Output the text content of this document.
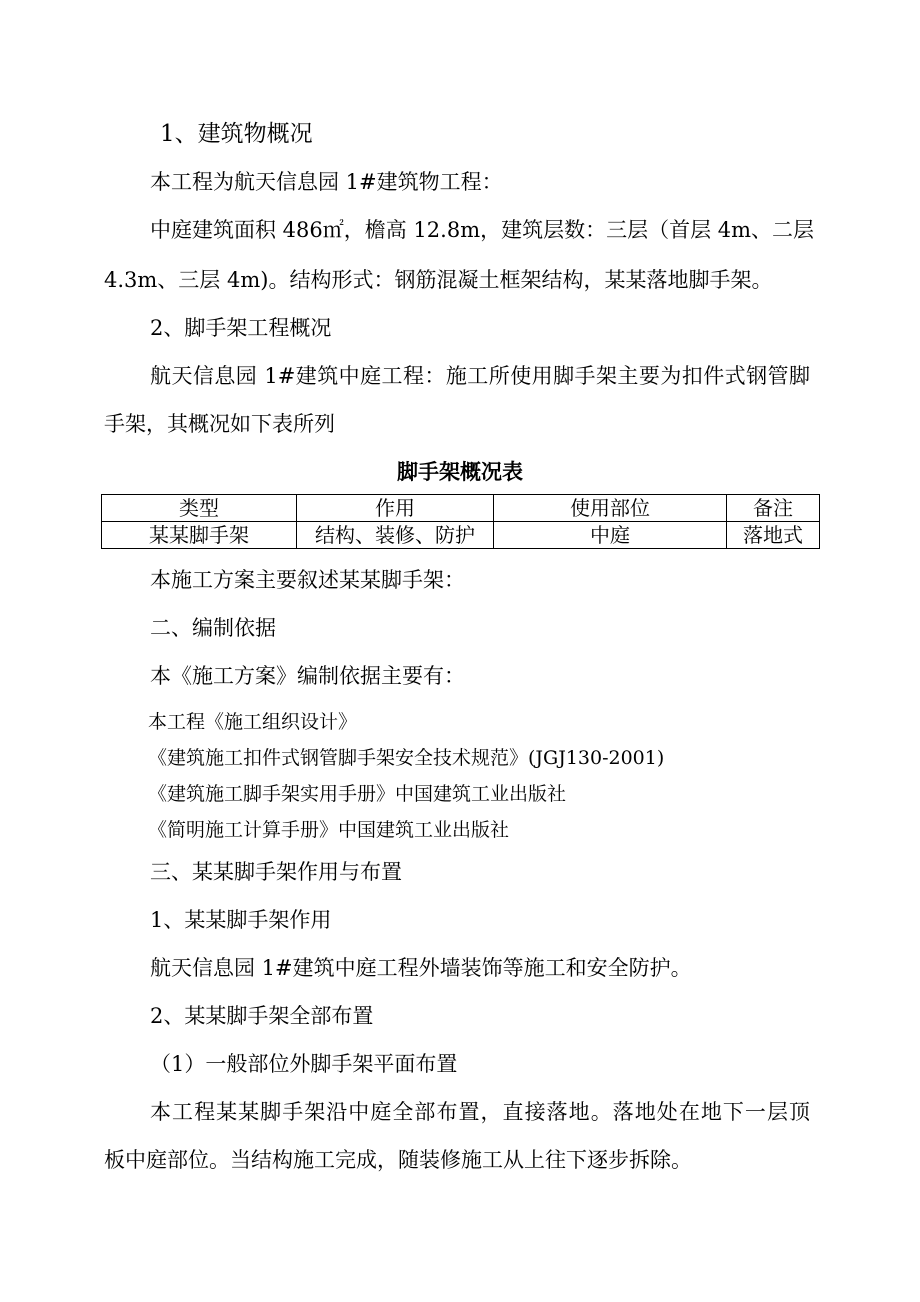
1、建筑物概况
本工程为航天信息园 1#建筑物工程：
中庭建筑面积 486㎡，檐高 12.8m，建筑层数：三层（首层 4m、二层
4.3m、三层 4m)。结构形式：钢筋混凝土框架结构，某某落地脚手架。
2、脚手架工程概况
航天信息园 1#建筑中庭工程：施工所使用脚手架主要为扣件式钢管脚
手架，其概况如下表所列
脚手架概况表
类型	作用	使用部位	备注
某某脚手架	结构、装修、防护	中庭	落地式
本施工方案主要叙述某某脚手架：
二、编制依据
本《施工方案》编制依据主要有：
本工程《施工组织设计》
《建筑施工扣件式钢管脚手架安全技术规范》(JGJ130-2001)
《建筑施工脚手架实用手册》中国建筑工业出版社
《简明施工计算手册》中国建筑工业出版社
三、某某脚手架作用与布置
1、某某脚手架作用
航天信息园 1#建筑中庭工程外墙装饰等施工和安全防护。
2、某某脚手架全部布置
（1）一般部位外脚手架平面布置
本工程某某脚手架沿中庭全部布置，直接落地。落地处在地下一层顶
板中庭部位。当结构施工完成，随装修施工从上往下逐步拆除。
